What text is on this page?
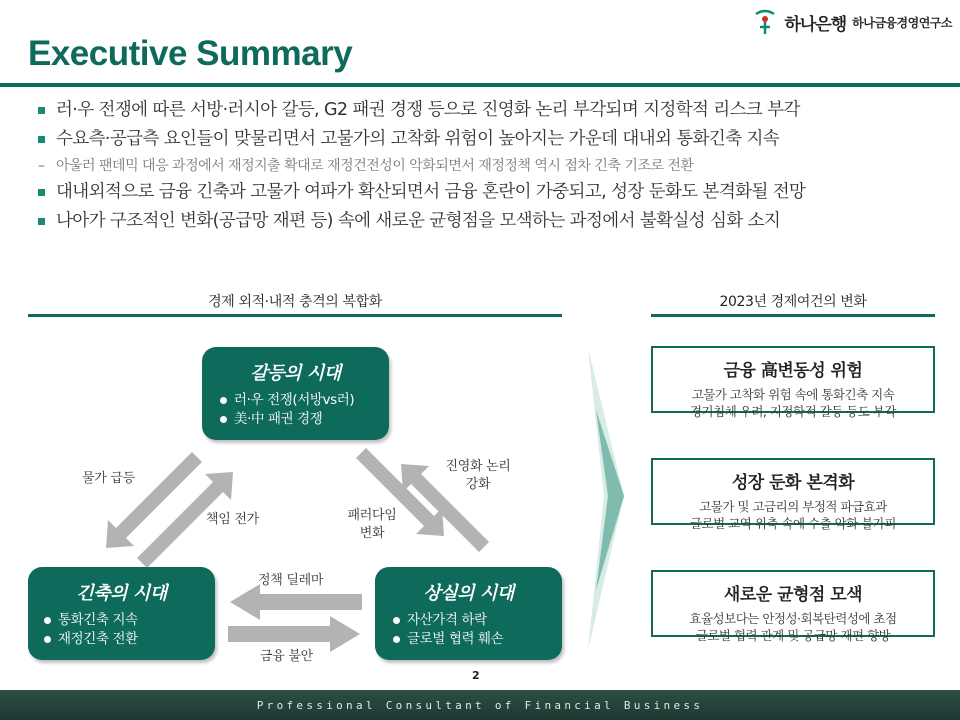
하나은행 하나금융경영연구소
Executive Summary
러·우 전쟁에 따른 서방·러시아 갈등, G2 패권 경쟁 등으로 진영화 논리 부각되며 지정학적 리스크 부각
수요측·공급측 요인들이 맞물리면서 고물가의 고착화 위험이 높아지는 가운데 대내외 통화긴축 지속
– 아울러 팬데믹 대응 과정에서 재정지출 확대로 재정건전성이 악화되면서 재정정책 역시 점차 긴축 기조로 전환
대내외적으로 금융 긴축과 고물가 여파가 확산되면서 금융 혼란이 가중되고, 성장 둔화도 본격화될 전망
나아가 구조적인 변화(공급망 재편 등) 속에 새로운 균형점을 모색하는 과정에서 불확실성 심화 소지
경제 외적·내적 충격의 복합화	2023년 경제여건의 변화
갈등의 시대
러·우 전쟁(서방vs러)
美·中 패권 경쟁
긴축의 시대
통화긴축 지속
재정긴축 전환
상실의 시대
자산가격 하락
글로벌 협력 훼손
물가 급등
책임 전가
진영화 논리
강화
패러다임
변화
정책 딜레마
금융 불안
금융 高변동성 위험
고물가 고착화 위험 속에 통화긴축 지속
경기침체 우려, 지정학적 갈등 등도 부각
성장 둔화 본격화
고물가 및 고금리의 부정적 파급효과
글로벌 교역 위축 속에 수출 악화 불가피
새로운 균형점 모색
효율성보다는 안정성·회복탄력성에 초점
글로벌 협력 관계 및 공급망 재편 향방
2
Professional Consultant of Financial Business
